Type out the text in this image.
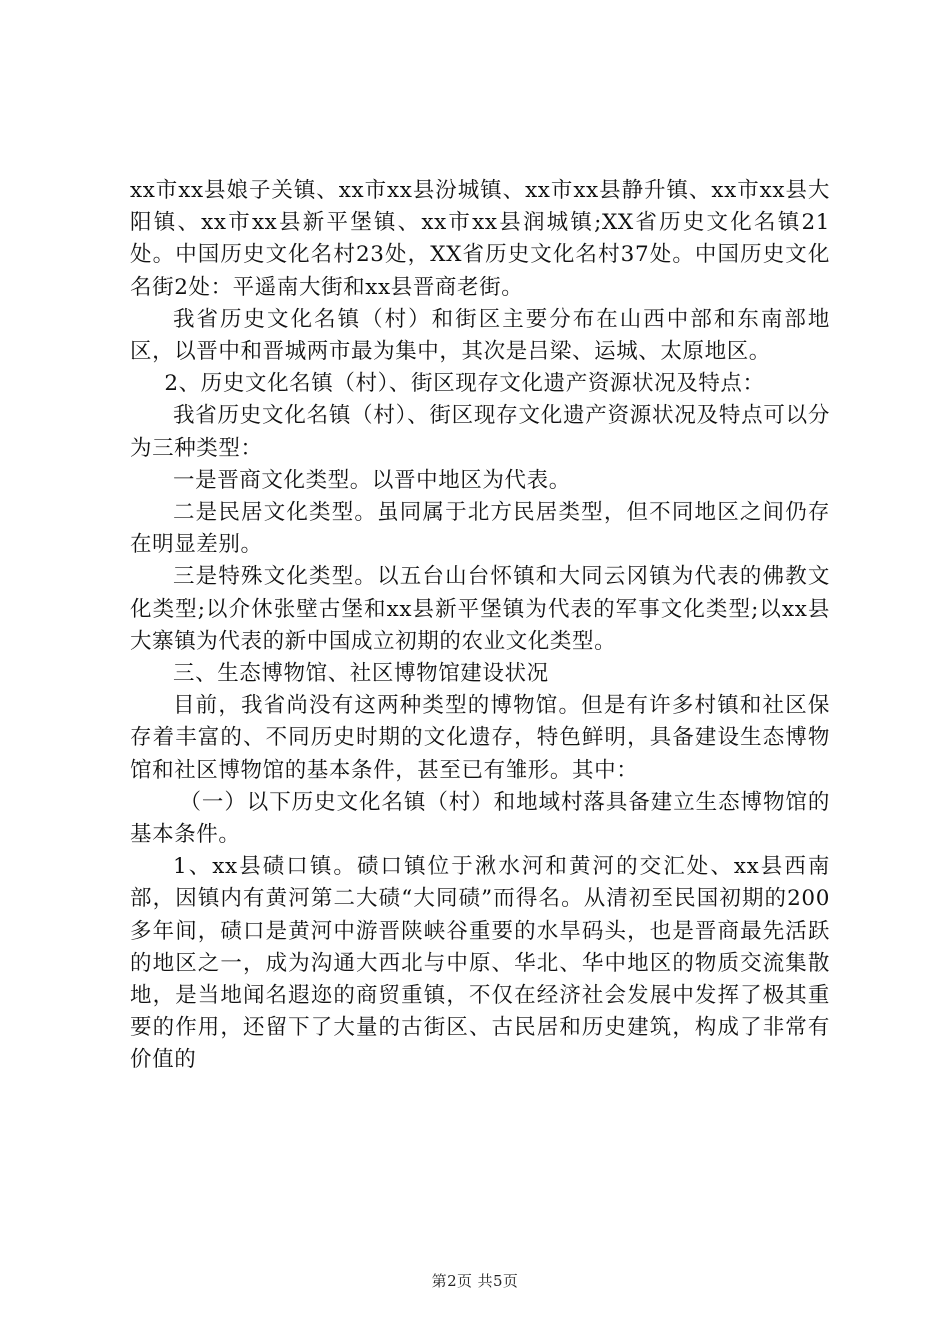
xx市xx县娘子关镇、xx市xx县汾城镇、xx市xx县静升镇、xx市xx县大阳镇、xx市xx县新平堡镇、xx市xx县润城镇;XX省历史文化名镇21处。中国历史文化名村23处，XX省历史文化名村37处。中国历史文化名街2处：平遥南大街和xx县晋商老街。

我省历史文化名镇（村）和街区主要分布在山西中部和东南部地区，以晋中和晋城两市最为集中，其次是吕梁、运城、太原地区。

2、历史文化名镇（村）、街区现存文化遗产资源状况及特点：

我省历史文化名镇（村）、街区现存文化遗产资源状况及特点可以分为三种类型：

一是晋商文化类型。以晋中地区为代表。

二是民居文化类型。虽同属于北方民居类型，但不同地区之间仍存在明显差别。

三是特殊文化类型。以五台山台怀镇和大同云冈镇为代表的佛教文化类型;以介休张壁古堡和xx县新平堡镇为代表的军事文化类型;以xx县大寨镇为代表的新中国成立初期的农业文化类型。

三、生态博物馆、社区博物馆建设状况

目前，我省尚没有这两种类型的博物馆。但是有许多村镇和社区保存着丰富的、不同历史时期的文化遗存，特色鲜明，具备建设生态博物馆和社区博物馆的基本条件，甚至已有雏形。其中：

（一）以下历史文化名镇（村）和地域村落具备建立生态博物馆的基本条件。

1、xx县碛口镇。碛口镇位于湫水河和黄河的交汇处、xx县西南部，因镇内有黄河第二大碛“大同碛”而得名。从清初至民国初期的200多年间，碛口是黄河中游晋陕峡谷重要的水旱码头，也是晋商最先活跃的地区之一，成为沟通大西北与中原、华北、华中地区的物质交流集散地，是当地闻名遐迩的商贸重镇，不仅在经济社会发展中发挥了极其重要的作用，还留下了大量的古街区、古民居和历史建筑，构成了非常有价值的

第2页 共5页
